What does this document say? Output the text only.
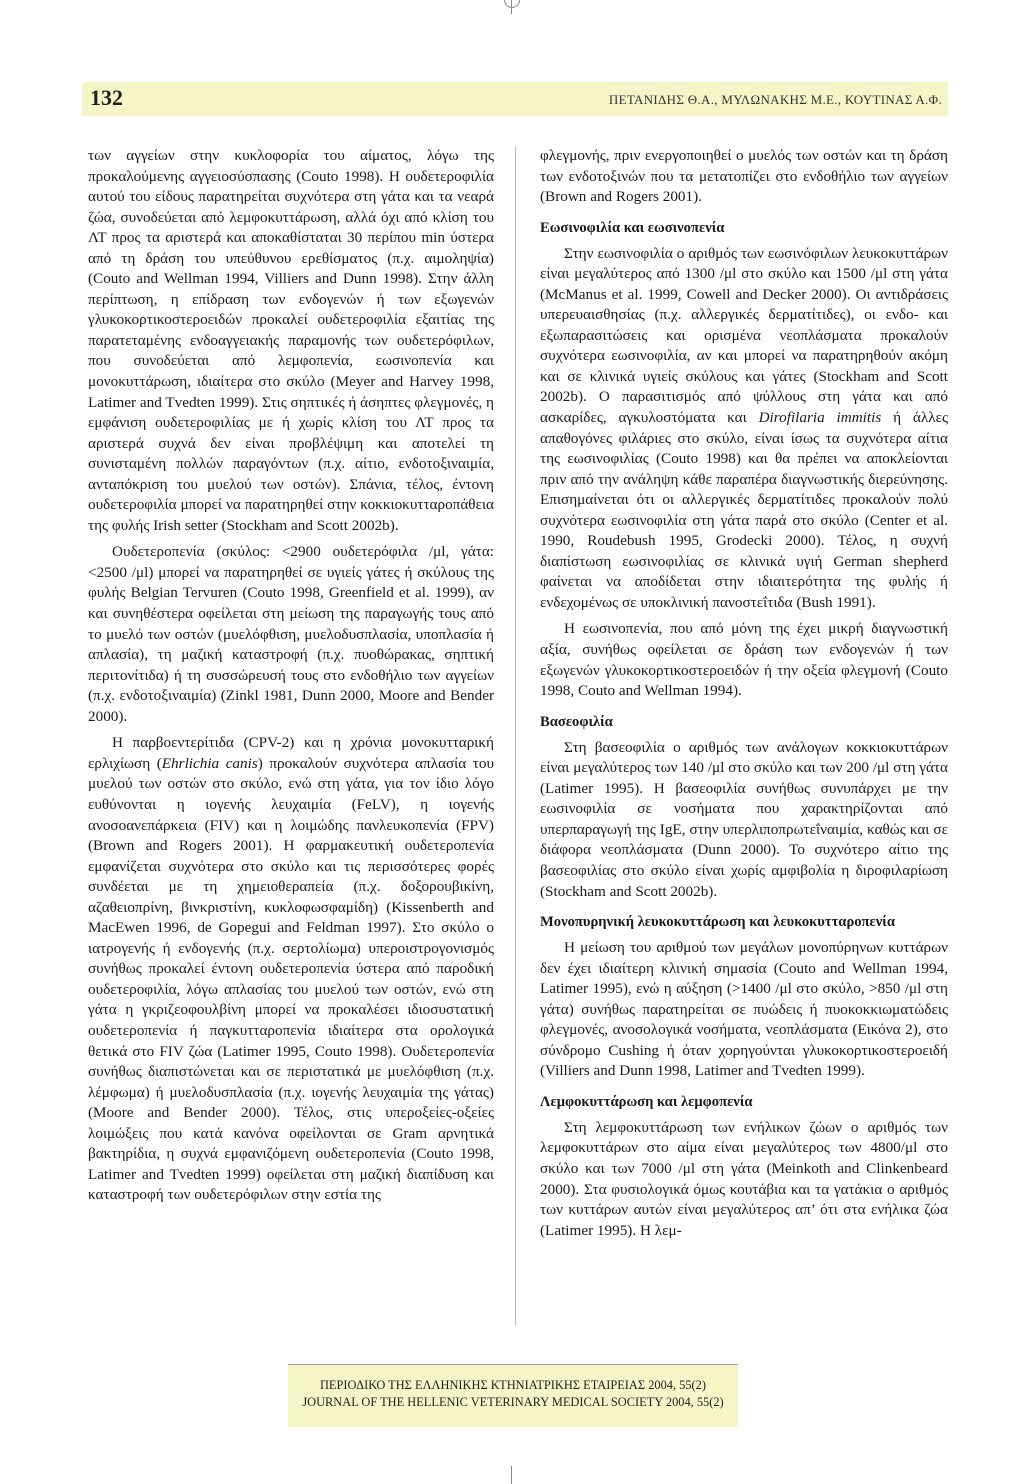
132	ΠΕΤΑΝΙΔΗΣ Θ.Α., ΜΥΛΩΝΑΚΗΣ Μ.Ε., ΚΟΥΤΙΝΑΣ Α.Φ.

των αγγείων στην κυκλοφορία του αίματος, λόγω της προκαλούμενης αγγειοσύσπασης (Couto 1998). Η ουδετεροφιλία αυτού του είδους παρατηρείται συχνότερα στη γάτα και τα νεαρά ζώα, συνοδεύεται από λεμφοκυττάρωση, αλλά όχι από κλίση του ΛΤ προς τα αριστερά και αποκαθίσταται 30 περίπου min ύστερα από τη δράση του υπεύθυνου ερεθίσματος (π.χ. αιμοληψία) (Couto and Wellman 1994, Villiers and Dunn 1998). Στην άλλη περίπτωση, η επίδραση των ενδογενών ή των εξωγενών γλυκοκορτικοστεροειδών προκαλεί ουδετεροφιλία εξαιτίας της παρατεταμένης ενδοαγγειακής παραμονής των ουδετερόφιλων, που συνοδεύεται από λεμφοπενία, εωσινοπενία και μονοκυττάρωση, ιδιαίτερα στο σκύλο (Meyer and Harvey 1998, Latimer and Tvedten 1999). Στις σηπτικές ή άσηπτες φλεγμονές, η εμφάνιση ουδετεροφιλίας με ή χωρίς κλίση του ΛΤ προς τα αριστερά συχνά δεν είναι προβλέψιμη και αποτελεί τη συνισταμένη πολλών παραγόντων (π.χ. αίτιο, ενδοτοξιναιμία, ανταπόκριση του μυελού των οστών). Σπάνια, τέλος, έντονη ουδετεροφιλία μπορεί να παρατηρηθεί στην κοκκιοκυτταροπάθεια της φυλής Irish setter (Stockham and Scott 2002b).

Ουδετεροπενία (σκύλος: <2900 ουδετερόφιλα /μl, γάτα: <2500 /μl) μπορεί να παρατηρηθεί σε υγιείς γάτες ή σκύλους της φυλής Belgian Tervuren (Couto 1998, Greenfield et al. 1999), αν και συνηθέστερα οφείλεται στη μείωση της παραγωγής τους από το μυελό των οστών (μυελόφθιση, μυελοδυσπλασία, υποπλασία ή απλασία), τη μαζική καταστροφή (π.χ. πυοθώρακας, σηπτική περιτονίτιδα) ή τη συσσώρευσή τους στο ενδοθήλιο των αγγείων (π.χ. ενδοτοξιναιμία) (Zinkl 1981, Dunn 2000, Moore and Bender 2000).

Η παρβοεντερίτιδα (CPV-2) και η χρόνια μονοκυτταρική ερλιχίωση (Ehrlichia canis) προκαλούν συχνότερα απλασία του μυελού των οστών στο σκύλο, ενώ στη γάτα, για τον ίδιο λόγο ευθύνονται η ιογενής λευχαιμία (FeLV), η ιογενής ανοσοανεπάρκεια (FIV) και η λοιμώδης πανλευκοπενία (FPV) (Brown and Rogers 2001). Η φαρμακευτική ουδετεροπενία εμφανίζεται συχνότερα στο σκύλο και τις περισσότερες φορές συνδέεται με τη χημειοθεραπεία (π.χ. δοξορουβικίνη, αζαθειοπρίνη, βινκριστίνη, κυκλοφωσφαμίδη) (Kissenberth and MacEwen 1996, de Gopegui and Feldman 1997). Στο σκύλο ο ιατρογενής ή ενδογενής (π.χ. σερτολίωμα) υπεροιστρογονισμός συνήθως προκαλεί έντονη ουδετεροπενία ύστερα από παροδική ουδετεροφιλία, λόγω απλασίας του μυελού των οστών, ενώ στη γάτα η γκριζεοφουλβίνη μπορεί να προκαλέσει ιδιοσυστατική ουδετεροπενία ή παγκυτταροπενία ιδιαίτερα στα ορολογικά θετικά στο FIV ζώα (Latimer 1995, Couto 1998). Ουδετεροπενία συνήθως διαπιστώνεται και σε περιστατικά με μυελόφθιση (π.χ. λέμφωμα) ή μυελοδυσπλασία (π.χ. ιογενής λευχαιμία της γάτας) (Moore and Bender 2000). Τέλος, στις υπεροξείες-οξείες λοιμώξεις που κατά κανόνα οφείλονται σε Gram αρνητικά βακτηρίδια, η συχνά εμφανιζόμενη ουδετεροπενία (Couto 1998, Latimer and Tvedten 1999) οφείλεται στη μαζική διαπίδυση και καταστροφή των ουδετερόφιλων στην εστία της

φλεγμονής, πριν ενεργοποιηθεί ο μυελός των οστών και τη δράση των ενδοτοξινών που τα μετατοπίζει στο ενδοθήλιο των αγγείων (Brown and Rogers 2001).

Εωσινοφιλία και εωσινοπενία

Στην εωσινοφιλία ο αριθμός των εωσινόφιλων λευκοκυττάρων είναι μεγαλύτερος από 1300 /μl στο σκύλο και 1500 /μl στη γάτα (McManus et al. 1999, Cowell and Decker 2000). Οι αντιδράσεις υπερευαισθησίας (π.χ. αλλεργικές δερματίτιδες), οι ενδο- και εξωπαρασιτώσεις και ορισμένα νεοπλάσματα προκαλούν συχνότερα εωσινοφιλία, αν και μπορεί να παρατηρηθούν ακόμη και σε κλινικά υγιείς σκύλους και γάτες (Stockham and Scott 2002b). Ο παρασιτισμός από ψύλλους στη γάτα και από ασκαρίδες, αγκυλοστόματα και Dirofilaria immitis ή άλλες απαθογόνες φιλάριες στο σκύλο, είναι ίσως τα συχνότερα αίτια της εωσινοφιλίας (Couto 1998) και θα πρέπει να αποκλείονται πριν από την ανάληψη κάθε παραπέρα διαγνωστικής διερεύνησης. Επισημαίνεται ότι οι αλλεργικές δερματίτιδες προκαλούν πολύ συχνότερα εωσινοφιλία στη γάτα παρά στο σκύλο (Center et al. 1990, Roudebush 1995, Grodecki 2000). Τέλος, η συχνή διαπίστωση εωσινοφιλίας σε κλινικά υγιή German shepherd φαίνεται να αποδίδεται στην ιδιαιτερότητα της φυλής ή ενδεχομένως σε υποκλινική πανοστεΐτιδα (Bush 1991).

Η εωσινοπενία, που από μόνη της έχει μικρή διαγνωστική αξία, συνήθως οφείλεται σε δράση των ενδογενών ή των εξωγενών γλυκοκορτικοστεροειδών ή την οξεία φλεγμονή (Couto 1998, Couto and Wellman 1994).

Βασεοφιλία

Στη βασεοφιλία ο αριθμός των ανάλογων κοκκιοκυττάρων είναι μεγαλύτερος των 140 /μl στο σκύλο και των 200 /μl στη γάτα (Latimer 1995). Η βασεοφιλία συνήθως συνυπάρχει με την εωσινοφιλία σε νοσήματα που χαρακτηρίζονται από υπερπαραγωγή της IgE, στην υπερλιποπρωτεΐναιμία, καθώς και σε διάφορα νεοπλάσματα (Dunn 2000). Το συχνότερο αίτιο της βασεοφιλίας στο σκύλο είναι χωρίς αμφιβολία η διροφιλαρίωση (Stockham and Scott 2002b).

Μονοπυρηνική λευκοκυττάρωση και λευκοκυτταροπενία

Η μείωση του αριθμού των μεγάλων μονοπύρηνων κυττάρων δεν έχει ιδιαίτερη κλινική σημασία (Couto and Wellman 1994, Latimer 1995), ενώ η αύξηση (>1400 /μl στο σκύλο, >850 /μl στη γάτα) συνήθως παρατηρείται σε πυώδεις ή πυοκοκκιωματώδεις φλεγμονές, ανοσολογικά νοσήματα, νεοπλάσματα (Εικόνα 2), στο σύνδρομο Cushing ή όταν χορηγούνται γλυκοκορτικοστεροειδή (Villiers and Dunn 1998, Latimer and Tvedten 1999).

Λεμφοκυττάρωση και λεμφοπενία

Στη λεμφοκυττάρωση των ενήλικων ζώων ο αριθμός των λεμφοκυττάρων στο αίμα είναι μεγαλύτερος των 4800/μl στο σκύλο και των 7000 /μl στη γάτα (Meinkoth and Clinkenbeard 2000). Στα φυσιολογικά όμως κουτάβια και τα γατάκια ο αριθμός των κυττάρων αυτών είναι μεγαλύτερος απ’ ότι στα ενήλικα ζώα (Latimer 1995). Η λεμ-

ΠΕΡΙΟΔΙΚΟ ΤΗΣ ΕΛΛΗΝΙΚΗΣ ΚΤΗΝΙΑΤΡΙΚΗΣ ΕΤΑΙΡΕΙΑΣ 2004, 55(2)
JOURNAL OF THE HELLENIC VETERINARY MEDICAL SOCIETY 2004, 55(2)
